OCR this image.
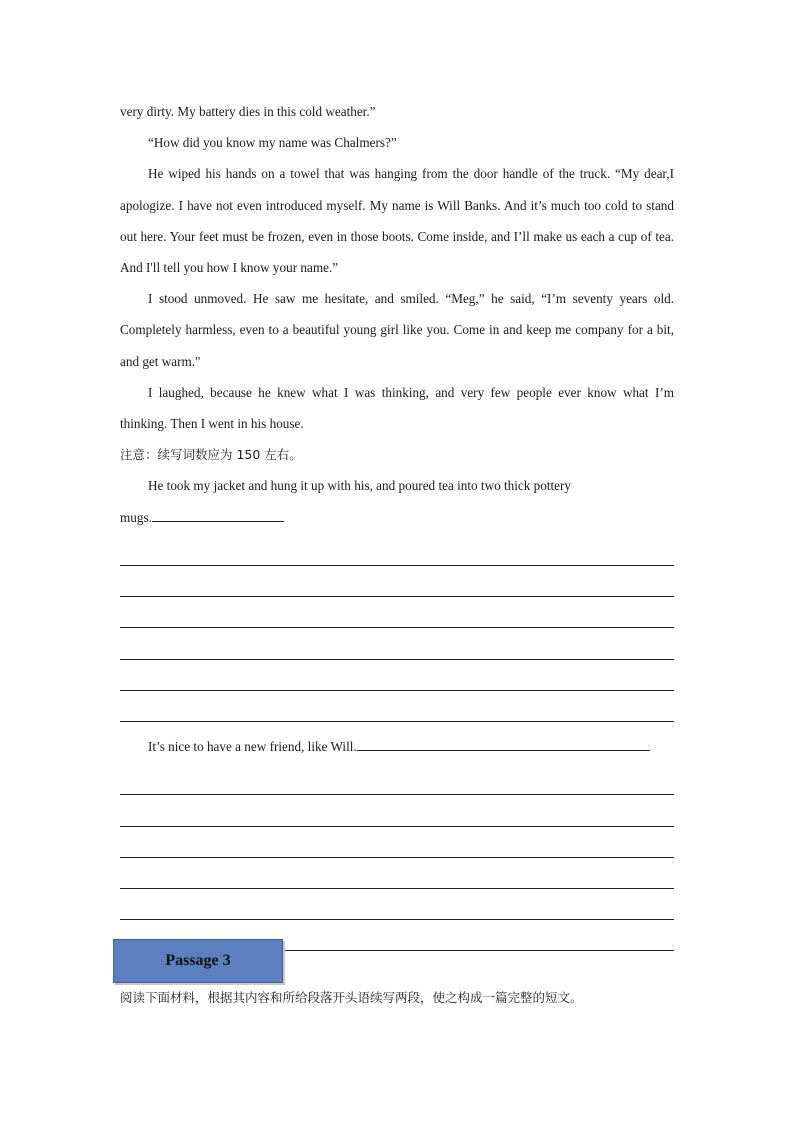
very dirty. My battery dies in this cold weather.”

“How did you know my name was Chalmers?”

He wiped his hands on a towel that was hanging from the door handle of the truck. “My dear,I apologize. I have not even introduced myself. My name is Will Banks. And it’s much too cold to stand out here. Your feet must be frozen, even in those boots. Come inside, and I’ll make us each a cup of tea. And I'll tell you how I know your name.”

I stood unmoved. He saw me hesitate, and smiled. “Meg,” he said, “I’m seventy years old. Completely harmless, even to a beautiful young girl like you. Come in and keep me company for a bit, and get warm."

I laughed, because he knew what I was thinking, and very few people ever know what I’m thinking. Then I went in his house.

注意：续写词数应为 150 左右。

He took my jacket and hung it up with his, and poured tea into two thick pottery

mugs.

It’s nice to have a new friend, like Will.

Passage 3

阅读下面材料，根据其内容和所给段落开头语续写两段，使之构成一篇完整的短文。
